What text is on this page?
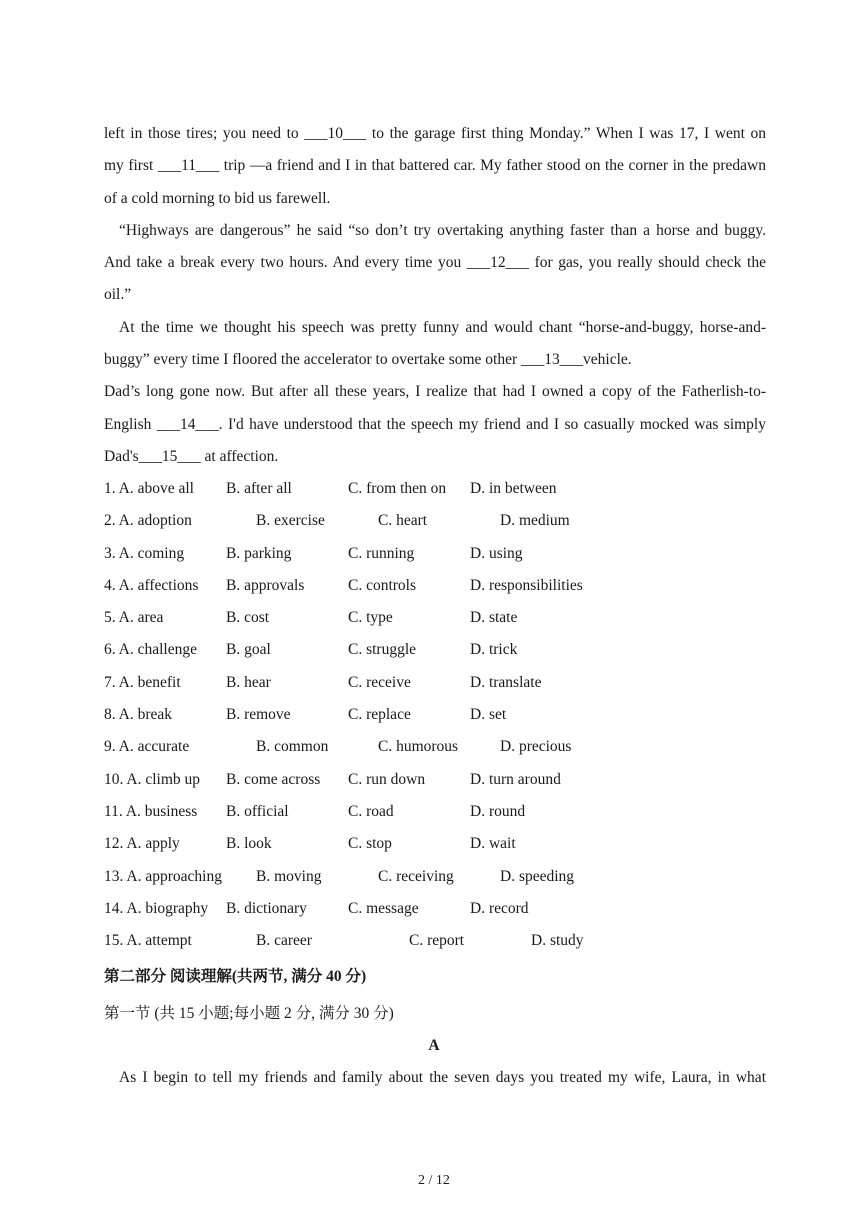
left in those tires; you need to ___10___ to the garage first thing Monday.” When I was 17, I went on
my first ___11___ trip —a friend and I in that battered car. My father stood on the corner in the predawn
of a cold morning to bid us farewell.
“Highways are dangerous” he said “so don’t try overtaking anything faster than a horse and buggy.
And take a break every two hours. And every time you ___12___ for gas, you really should check the
oil.”
At the time we thought his speech was pretty funny and would chant “horse-and-buggy, horse-and-
buggy” every time I floored the accelerator to overtake some other ___13___vehicle.
Dad’s long gone now. But after all these years, I realize that had I owned a copy of the Fatherlish-to-
English ___14___. I'd have understood that the speech my friend and I so casually mocked was simply
Dad's___15___ at affection.
1. A. above all B. after all	C. from then on D. in between
2. A. adoption	B. exercise	C. heart	D. medium
3. A. coming	B. parking	C. running	D. using
4. A. affections B. approvals	C. controls	D. responsibilities
5. A. area	B. cost	C. type	D. state
6. A. challenge B. goal	C. struggle	D. trick
7. A. benefit	B. hear	C. receive	D. translate
8. A. break	B. remove	C. replace	D. set
9. A. accurate	B. common	C. humorous	D. precious
10. A. climb up B. come across C. run down	D. turn around
11. A. business B. official	C. road	D. round
12. A. apply	B. look	C. stop	D. wait
13. A. approaching B. moving	C. receiving	D. speeding
14. A. biography B. dictionary	C. message	D. record
15. A. attempt	B. career	C. report	D. study
第二部分 阅读理解(共两节, 满分 40 分)
第一节 (共 15 小题;每小题 2 分, 满分 30 分)
A
As I begin to tell my friends and family about the seven days you treated my wife, Laura, in what
2 / 12
